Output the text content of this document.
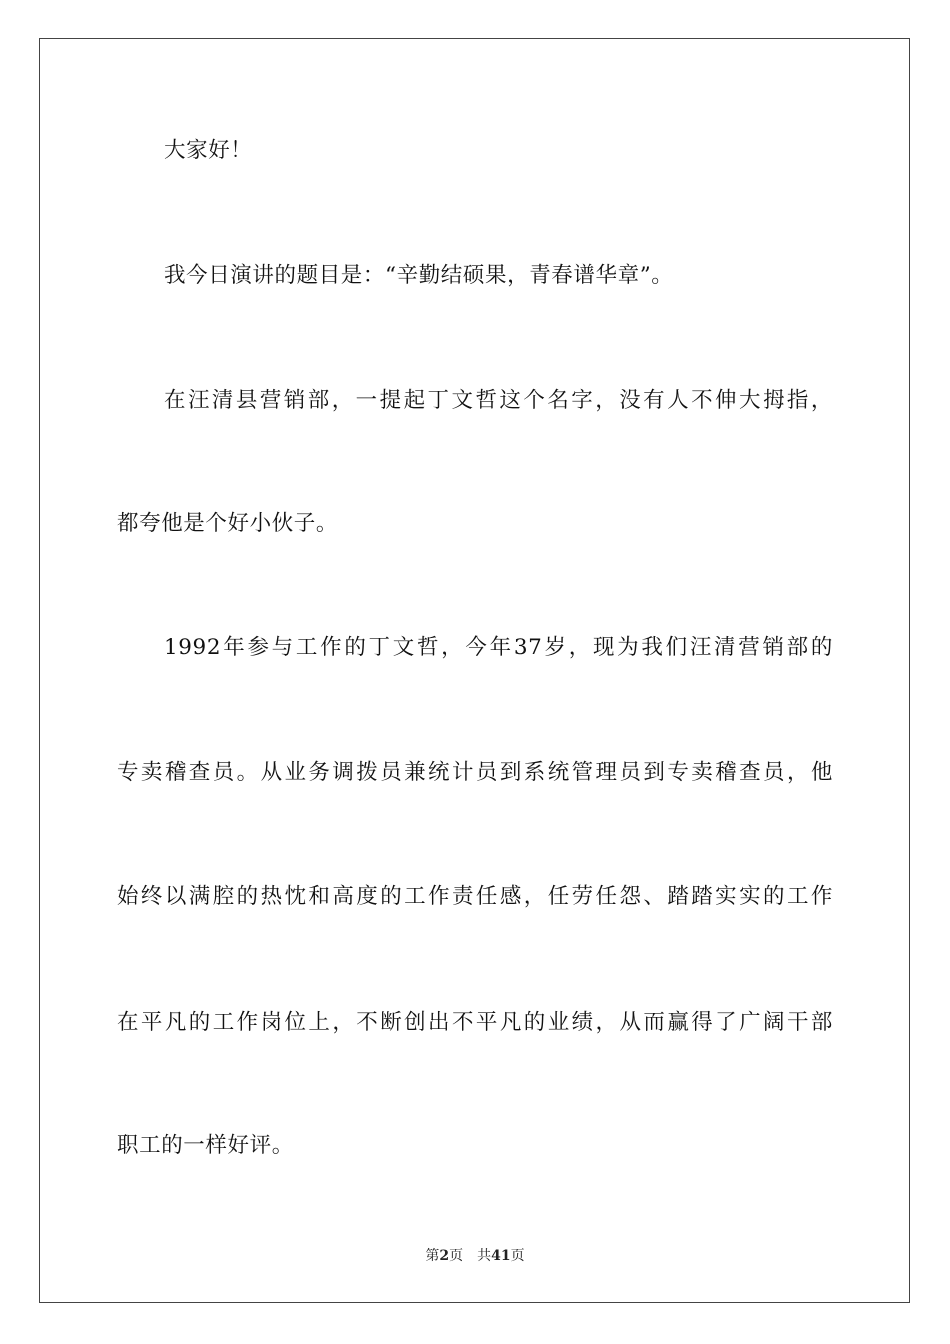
大家好！
我今日演讲的题目是：“辛勤结硕果，青春谱华章”。
在汪清县营销部，一提起丁文哲这个名字，没有人不伸大拇指，
都夸他是个好小伙子。
1992年参与工作的丁文哲，今年37岁，现为我们汪清营销部的
专卖稽查员。从业务调拨员兼统计员到系统管理员到专卖稽查员，他
始终以满腔的热忱和高度的工作责任感，任劳任怨、踏踏实实的工作
在平凡的工作岗位上，不断创出不平凡的业绩，从而赢得了广阔干部
职工的一样好评。
第2页 共41页
